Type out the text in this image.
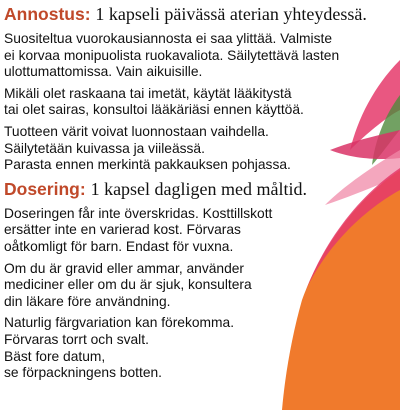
Annostus: 1 kapseli päivässä aterian yhteydessä.
Suositeltua vuorokausiannosta ei saa ylittää. Valmiste
ei korvaa monipuolista ruokavaliota. Säilytettävä lasten
ulottumattomissa. Vain aikuisille.
Mikäli olet raskaana tai imetät, käytät lääkitystä
tai olet sairas, konsultoi lääkäriäsi ennen käyttöä.
Tuotteen värit voivat luonnostaan vaihdella.
Säilytetään kuivassa ja viileässä.
Parasta ennen merkintä pakkauksen pohjassa.
Dosering: 1 kapsel dagligen med måltid.
Doseringen får inte överskridas. Kosttillskott
ersätter inte en varierad kost. Förvaras
oåtkomligt för barn. Endast för vuxna.
Om du är gravid eller ammar, använder
mediciner eller om du är sjuk, konsultera
din läkare före användning.
Naturlig färgvariation kan förekomma.
Förvaras torrt och svalt.
Bäst fore datum,
se förpackningens botten.
